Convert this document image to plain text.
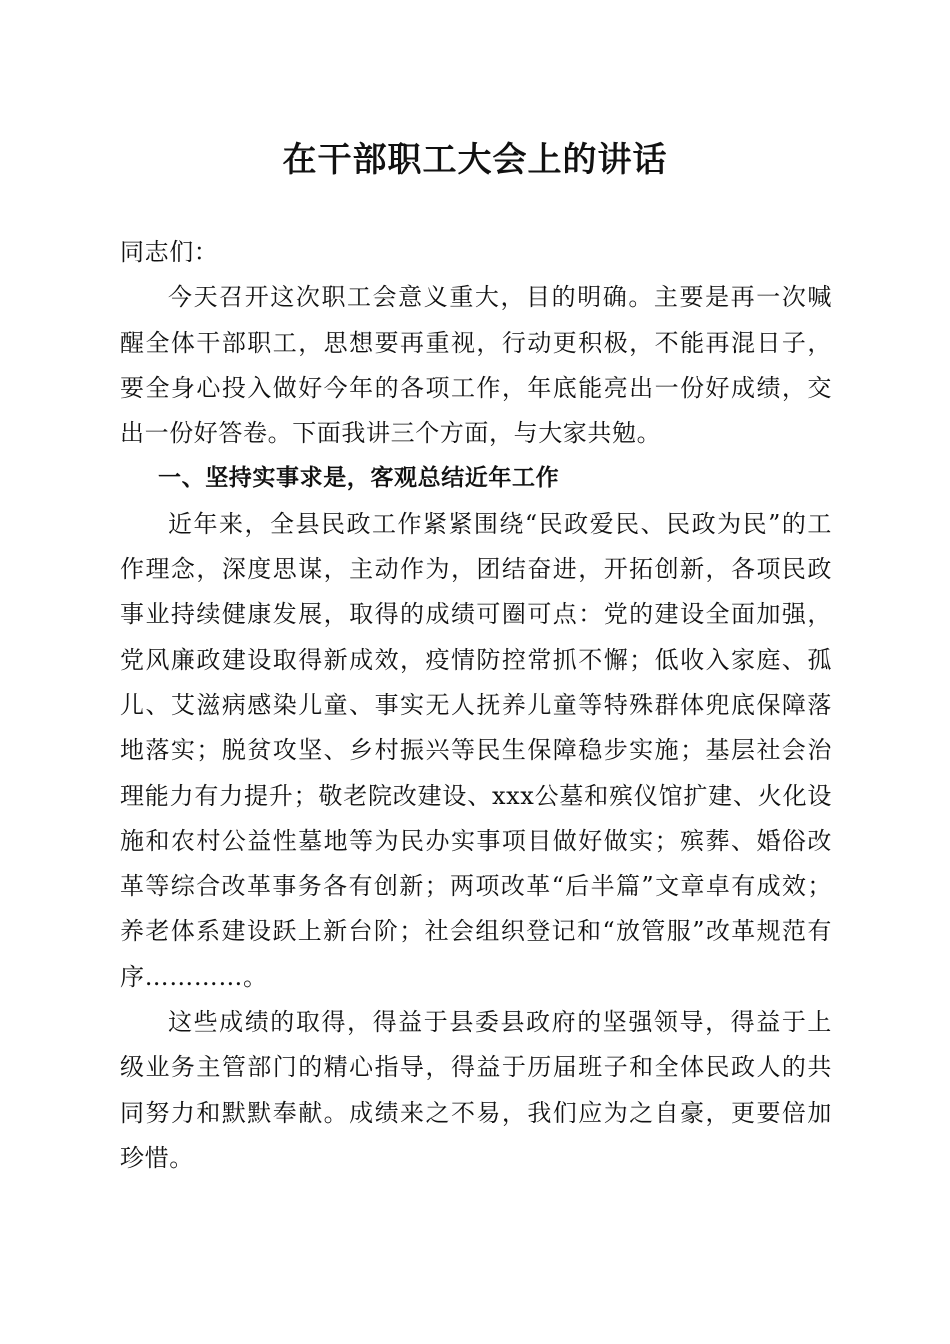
在干部职工大会上的讲话

同志们：

今天召开这次职工会意义重大，目的明确。主要是再一次喊醒全体干部职工，思想要再重视，行动更积极，不能再混日子，要全身心投入做好今年的各项工作，年底能亮出一份好成绩，交出一份好答卷。下面我讲三个方面，与大家共勉。

一、坚持实事求是，客观总结近年工作

近年来，全县民政工作紧紧围绕“民政爱民、民政为民”的工作理念，深度思谋，主动作为，团结奋进，开拓创新，各项民政事业持续健康发展，取得的成绩可圈可点：党的建设全面加强，党风廉政建设取得新成效，疫情防控常抓不懈；低收入家庭、孤儿、艾滋病感染儿童、事实无人抚养儿童等特殊群体兜底保障落地落实；脱贫攻坚、乡村振兴等民生保障稳步实施；基层社会治理能力有力提升；敬老院改建设、xxx公墓和殡仪馆扩建、火化设施和农村公益性墓地等为民办实事项目做好做实；殡葬、婚俗改革等综合改革事务各有创新；两项改革“后半篇”文章卓有成效；养老体系建设跃上新台阶；社会组织登记和“放管服”改革规范有序…………。

这些成绩的取得，得益于县委县政府的坚强领导，得益于上级业务主管部门的精心指导，得益于历届班子和全体民政人的共同努力和默默奉献。成绩来之不易，我们应为之自豪，更要倍加珍惜。
